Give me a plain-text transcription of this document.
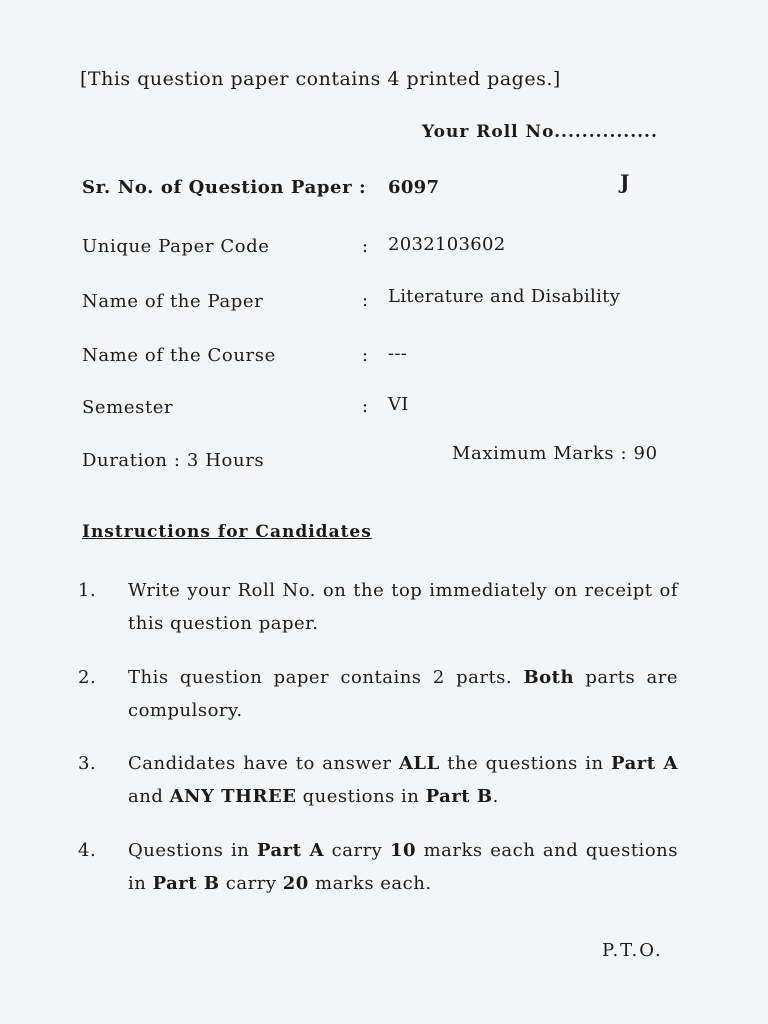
[This question paper contains 4 printed pages.]
Your Roll No...............
Sr. No. of Question Paper : 6097	J
Unique Paper Code	: 2032103602
Name of the Paper	: Literature and Disability
Name of the Course	: ---
Semester	: VI
Duration : 3 Hours	Maximum Marks : 90
Instructions for Candidates
1. Write your Roll No. on the top immediately on receipt of this question paper.
2. This question paper contains 2 parts. Both parts are compulsory.
3. Candidates have to answer ALL the questions in Part A and ANY THREE questions in Part B.
4. Questions in Part A carry 10 marks each and questions in Part B carry 20 marks each.
P.T.O.
